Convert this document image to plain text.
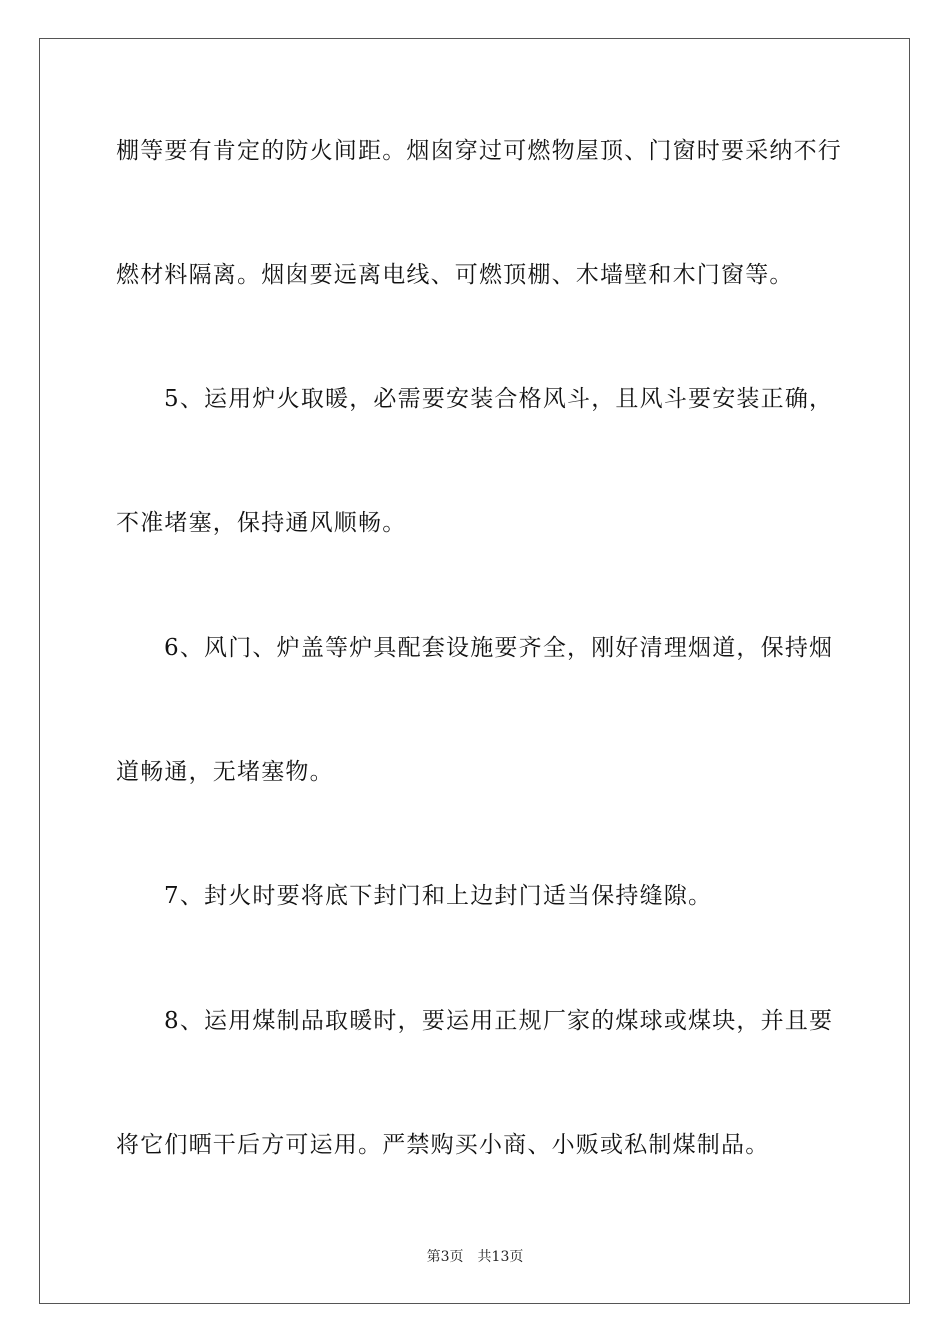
棚等要有肯定的防火间距。烟囱穿过可燃物屋顶、门窗时要采纳不行
燃材料隔离。烟囱要远离电线、可燃顶棚、木墙壁和木门窗等。
5、运用炉火取暖，必需要安装合格风斗，且风斗要安装正确，
不准堵塞，保持通风顺畅。
6、风门、炉盖等炉具配套设施要齐全，刚好清理烟道，保持烟
道畅通，无堵塞物。
7、封火时要将底下封门和上边封门适当保持缝隙。
8、运用煤制品取暖时，要运用正规厂家的煤球或煤块，并且要
将它们晒干后方可运用。严禁购买小商、小贩或私制煤制品。
第3页 共13页
